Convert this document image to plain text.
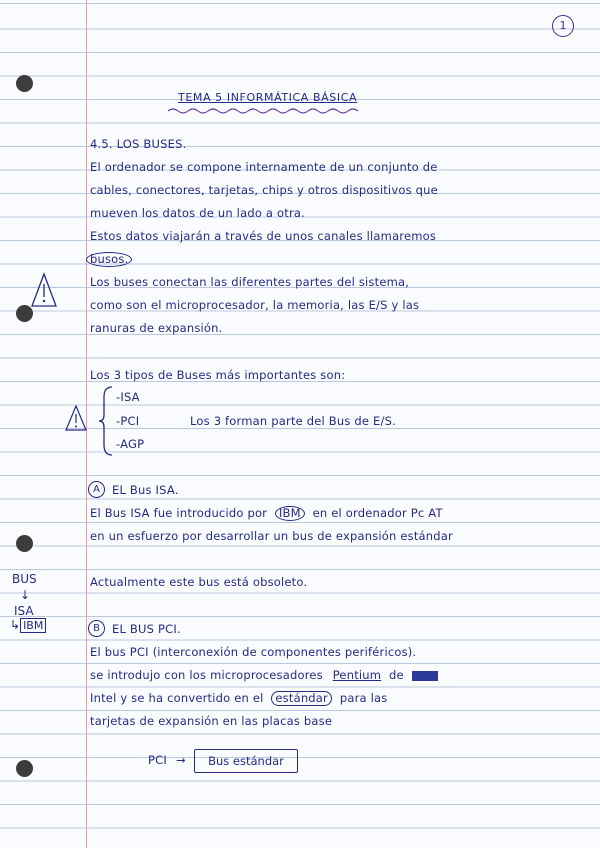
1
TEMA 5 INFORMÁTICA BÁSICA
4.5. LOS BUSES.
El ordenador se compone internamente de un conjunto de
cables, conectores, tarjetas, chips y otros dispositivos que
mueven los datos de un lado a otra.
Estos datos viajarán a través de unos canales llamaremos
busos.
Los buses conectan las diferentes partes del sistema,
como son el microprocesador, la memoria, las E/S y las
ranuras de expansión.
Los 3 tipos de Buses más importantes son:
-ISA
-PCI
-AGP
Los 3 forman parte del Bus de E/S.
A	EL Bus ISA.
El Bus ISA fue introducido por IBM en el ordenador Pc AT
en un esfuerzo por desarrollar un bus de expansión estándar
Actualmente este bus está obsoleto.
BUS
↓
ISA
↳ IBM	B	EL BUS PCI.
El bus PCI (interconexión de componentes periféricos).
se introdujo con los microprocesadores Pentium de
Intel y se ha convertido en el estándar para las
tarjetas de expansión en las placas base
PCI →	Bus estándar
